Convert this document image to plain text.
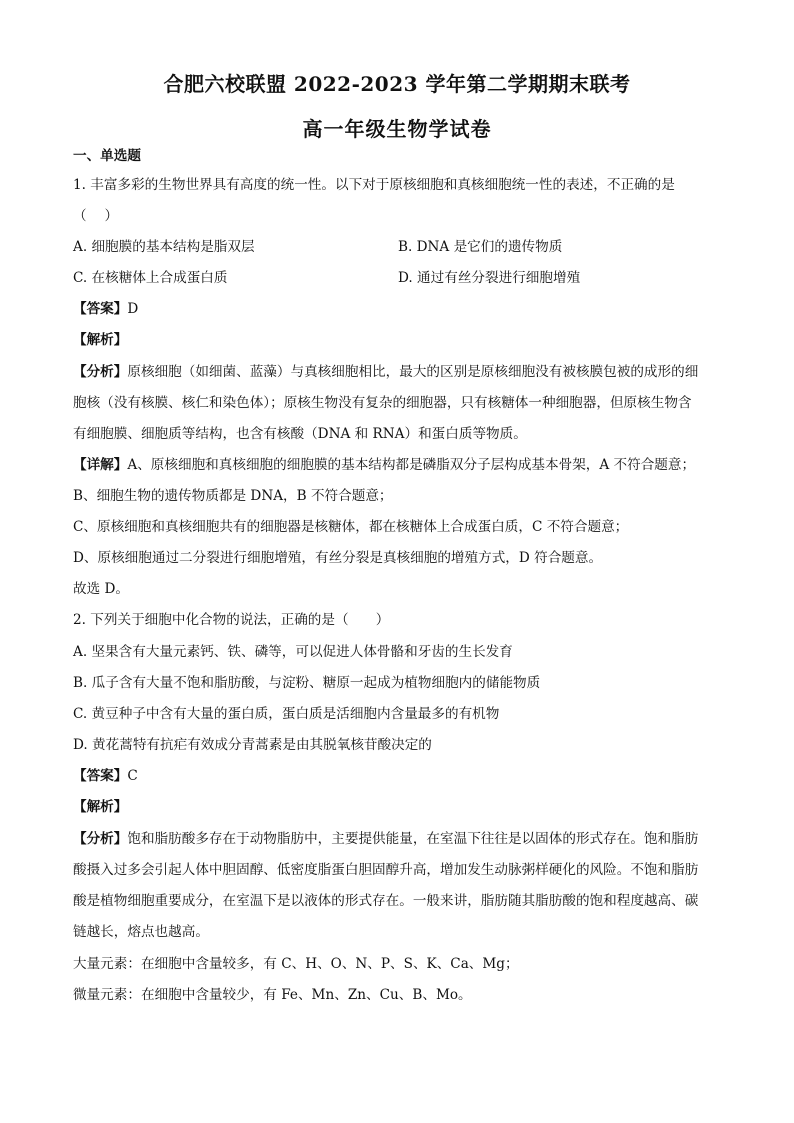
合肥六校联盟 2022-2023 学年第二学期期末联考
高一年级生物学试卷
一、单选题
1. 丰富多彩的生物世界具有高度的统一性。以下对于原核细胞和真核细胞统一性的表述，不正确的是
（　 ）
A. 细胞膜的基本结构是脂双层	B. DNA 是它们的遗传物质
C. 在核糖体上合成蛋白质	D. 通过有丝分裂进行细胞增殖
【答案】D
【解析】
【分析】原核细胞（如细菌、蓝藻）与真核细胞相比，最大的区别是原核细胞没有被核膜包被的成形的细
胞核（没有核膜、核仁和染色体）；原核生物没有复杂的细胞器，只有核糖体一种细胞器，但原核生物含
有细胞膜、细胞质等结构，也含有核酸（DNA 和 RNA）和蛋白质等物质。
【详解】A、原核细胞和真核细胞的细胞膜的基本结构都是磷脂双分子层构成基本骨架，A 不符合题意；
B、细胞生物的遗传物质都是 DNA，B 不符合题意；
C、原核细胞和真核细胞共有的细胞器是核糖体，都在核糖体上合成蛋白质，C 不符合题意；
D、原核细胞通过二分裂进行细胞增殖，有丝分裂是真核细胞的增殖方式，D 符合题意。
故选 D。
2. 下列关于细胞中化合物的说法，正确的是（　　）
A. 坚果含有大量元素钙、铁、磷等，可以促进人体骨骼和牙齿的生长发育
B. 瓜子含有大量不饱和脂肪酸，与淀粉、糖原一起成为植物细胞内的储能物质
C. 黄豆种子中含有大量的蛋白质，蛋白质是活细胞内含量最多的有机物
D. 黄花蒿特有抗疟有效成分青蒿素是由其脱氧核苷酸决定的
【答案】C
【解析】
【分析】饱和脂肪酸多存在于动物脂肪中，主要提供能量，在室温下往往是以固体的形式存在。饱和脂肪
酸摄入过多会引起人体中胆固醇、低密度脂蛋白胆固醇升高，增加发生动脉粥样硬化的风险。不饱和脂肪
酸是植物细胞重要成分，在室温下是以液体的形式存在。一般来讲，脂肪随其脂肪酸的饱和程度越高、碳
链越长，熔点也越高。
大量元素：在细胞中含量较多，有 C、H、O、N、P、S、K、Ca、Mg；
微量元素：在细胞中含量较少，有 Fe、Mn、Zn、Cu、B、Mo。
